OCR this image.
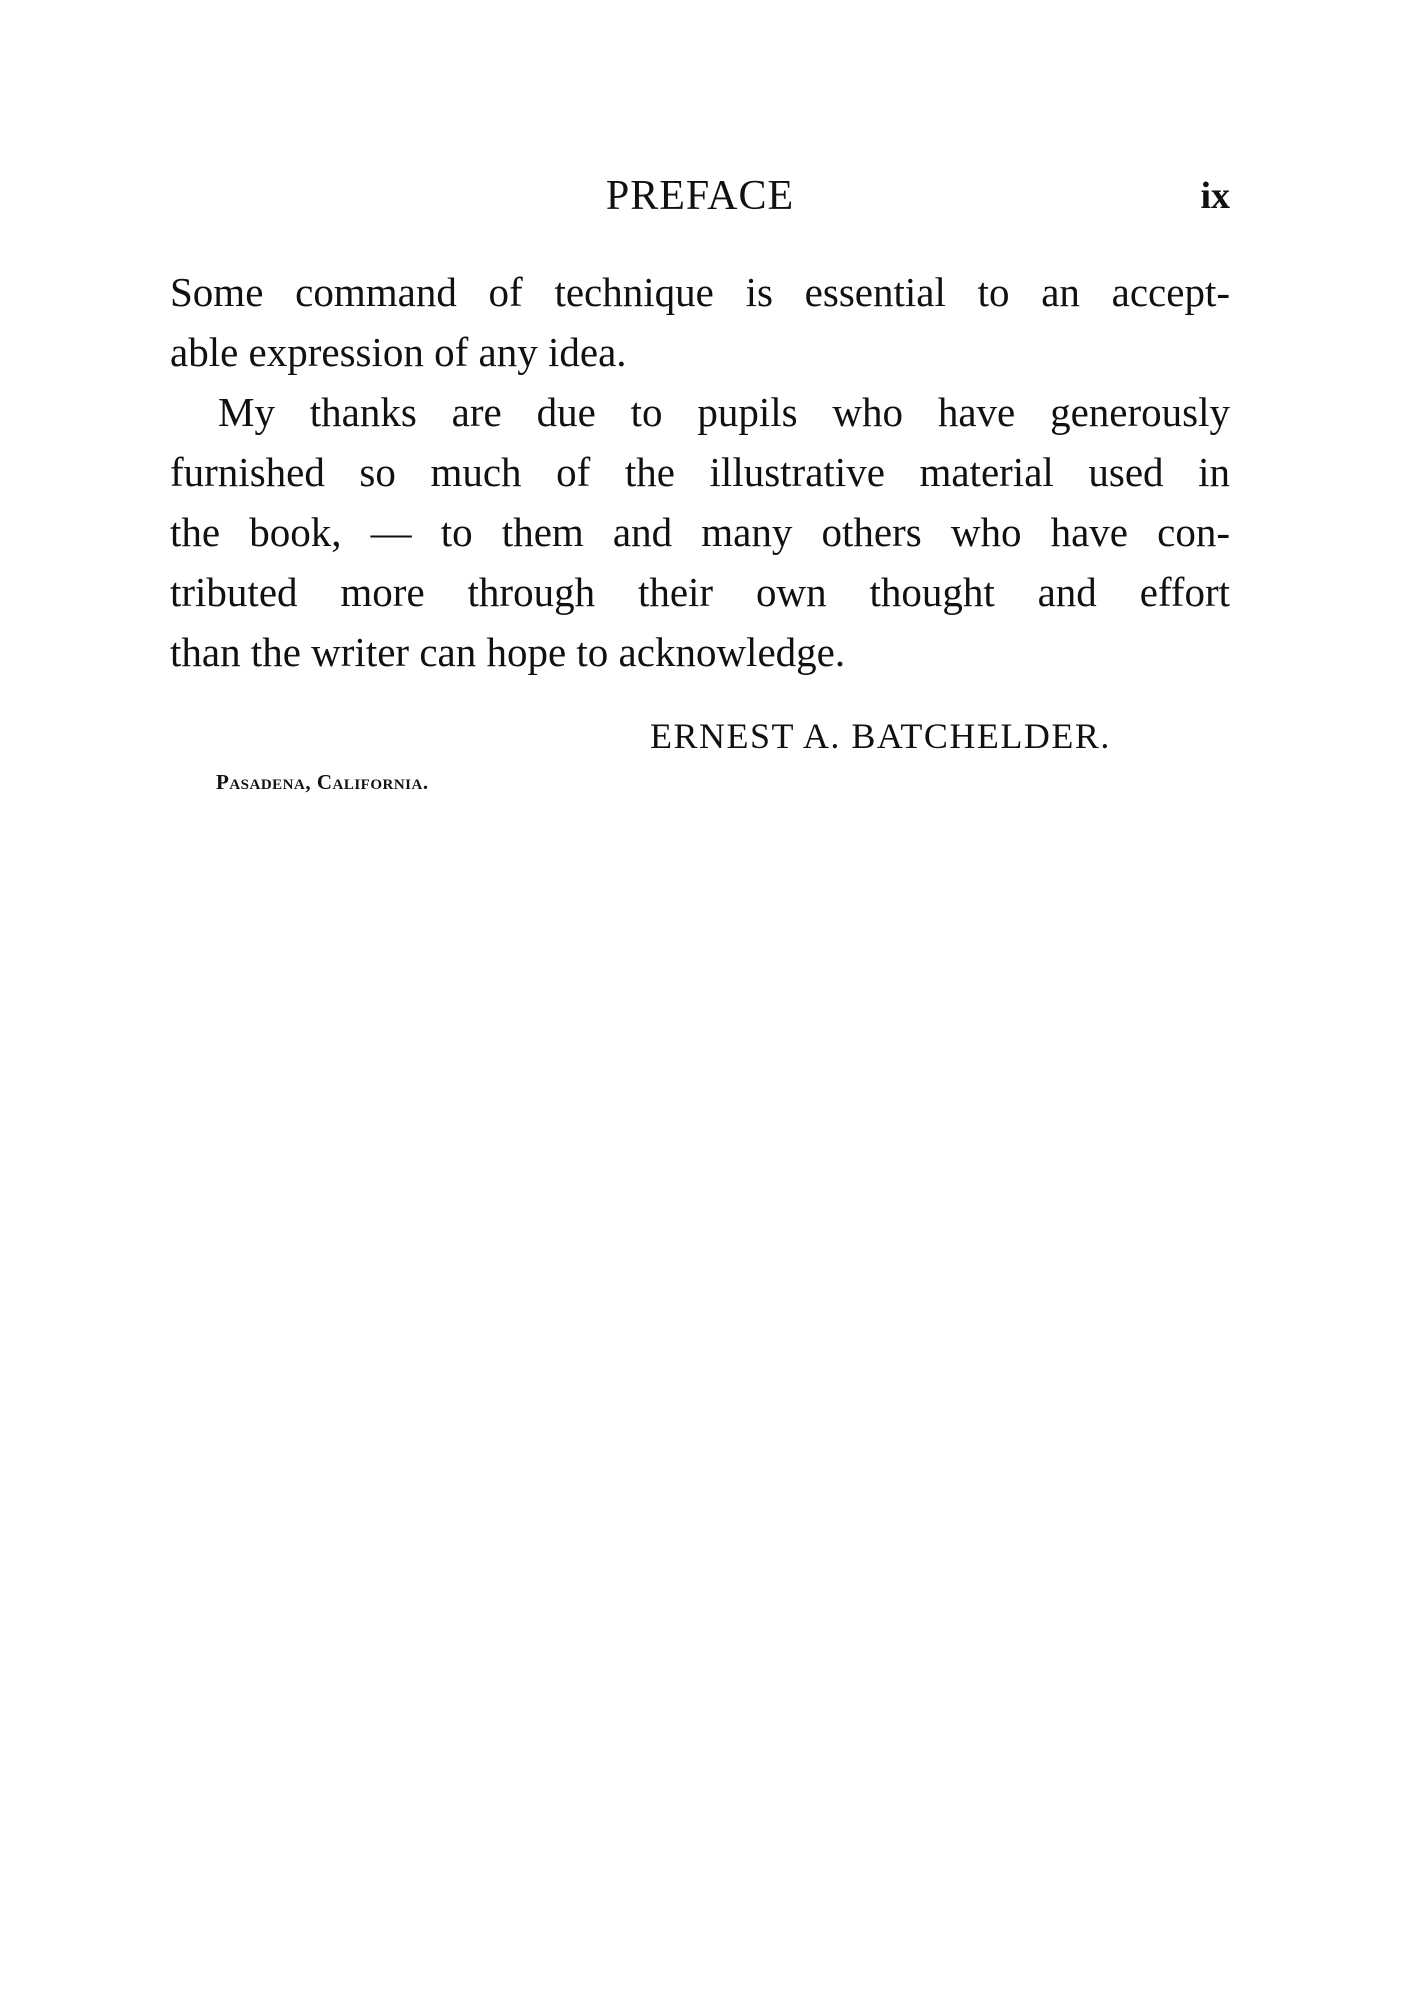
PREFACE	ix
Some command of technique is essential to an accept-
able expression of any idea.
My thanks are due to pupils who have generously
furnished so much of the illustrative material used in
the book, — to them and many others who have con-
tributed more through their own thought and effort
than the writer can hope to acknowledge.
ERNEST A. BATCHELDER.
Pasadena, California.
